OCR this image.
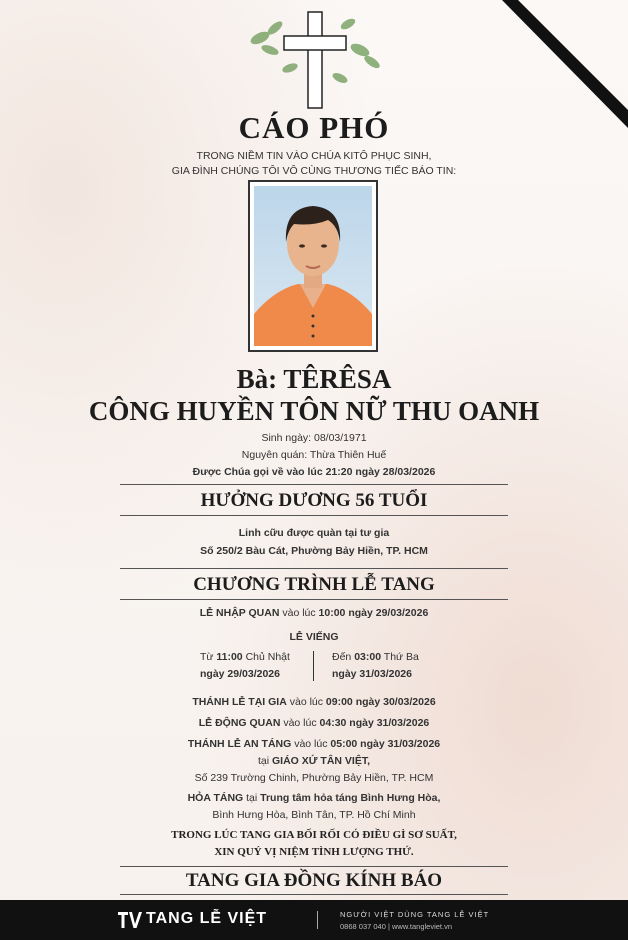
CÁO PHÓ
TRONG NIỀM TIN VÀO CHÚA KITÔ PHỤC SINH,
GIA ĐÌNH CHÚNG TÔI VÔ CÙNG THƯƠNG TIẾC BÁO TIN:
Bà: TÊRÊSA
CÔNG HUYỀN TÔN NỮ THU OANH
Sinh ngày: 08/03/1971
Nguyên quán: Thừa Thiên Huế
Được Chúa gọi về vào lúc 21:20 ngày 28/03/2026
HƯỞNG DƯƠNG 56 TUỔI
Linh cữu được quàn tại tư gia
Số 250/2 Bàu Cát, Phường Bảy Hiền, TP. HCM
CHƯƠNG TRÌNH LỄ TANG
LỄ NHẬP QUAN vào lúc 10:00 ngày 29/03/2026
LỄ VIẾNG
Từ 11:00 Chủ Nhật
ngày 29/03/2026
Đến 03:00 Thứ Ba
ngày 31/03/2026
THÁNH LỄ TẠI GIA vào lúc 09:00 ngày 30/03/2026
LỄ ĐỘNG QUAN vào lúc 04:30 ngày 31/03/2026
THÁNH LỄ AN TÁNG vào lúc 05:00 ngày 31/03/2026
tại GIÁO XỨ TÂN VIỆT,
Số 239 Trường Chinh, Phường Bảy Hiền, TP. HCM
HỎA TÁNG tại Trung tâm hỏa táng Bình Hưng Hòa,
Bình Hưng Hòa, Bình Tân, TP. Hồ Chí Minh
TRONG LÚC TANG GIA BỐI RỐI CÓ ĐIỀU GÌ SƠ SUẤT,
XIN QUÝ VỊ NIỆM TÌNH LƯỢNG THỨ.
TANG GIA ĐỒNG KÍNH BÁO
TANG LỄ VIỆT	NGƯỜI VIỆT DÙNG TANG LỄ VIỆT
0868 037 040 | www.tangleviet.vn
